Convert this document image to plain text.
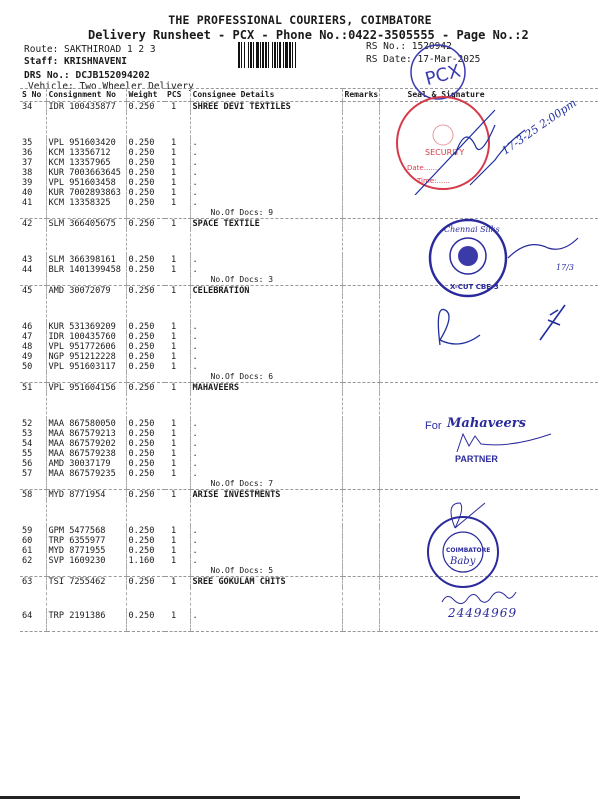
THE PROFESSIONAL COURIERS, COIMBATORE
Delivery Runsheet - PCX - Phone No.:0422-3505555 - Page No.:2
Route: SAKTHIROAD 1 2 3
Staff: KRISHNAVENI
DRS No.: DCJB152094202
Vehicle: Two Wheeler Delivery
RS No.: 1520942
RS Date: 17-Mar-2025
S No	Consignment No	Weight	PCS	Consignee Details	Remarks	Seal & Signature
34	IDR 100435877	0.250	1	SHREE DEVI TEXTILES		

35	VPL 951603420	0.250	1	.		
36	KCM 13356712	0.250	1	.		
37	KCM 13357965	0.250	1	.		
38	KUR 7003663645	0.250	1	.		
39	VPL 951603458	0.250	1	.		
40	KUR 7002893863	0.250	1	.		
41	KCM 13358325	0.250	1	.		
				No.Of Docs: 9		
42	SLM 366405675	0.250	1	SPACE TEXTILE		

43	SLM 366398161	0.250	1	.		
44	BLR 1401399458	0.250	1	.		
				No.Of Docs: 3		
45	AMD 30072079	0.250	1	CELEBRATION		

46	KUR 531369209	0.250	1	.		
47	IDR 100435760	0.250	1	.		
48	VPL 951772606	0.250	1	.		
49	NGP 951212228	0.250	1	.		
50	VPL 951603117	0.250	1	.		
				No.Of Docs: 6		
51	VPL 951604156	0.250	1	MAHAVEERS		

52	MAA 867580050	0.250	1	.		
53	MAA 867579213	0.250	1	.		
54	MAA 867579202	0.250	1	.		
55	MAA 867579238	0.250	1	.		
56	AMD 30037179	0.250	1	.		
57	MAA 867579235	0.250	1	.		
				No.Of Docs: 7		
58	MYD 8771954	0.250	1	ARISE INVESTMENTS		

59	GPM 5477568	0.250	1	.		
60	TRP 6355977	0.250	1	.		
61	MYD 8771955	0.250	1	.		
62	SVP 1609230	1.160	1	.		
				No.Of Docs: 5		
63	TSI 7255462	0.250	1	SREE GOKULAM CHITS		

64	TRP 2191386	0.250	1	.		

PCX
SECURITY
Date.......
Time:......
17-3-25 2:00pm
X-CUT CBE-3
Chennai Silks
17/3
For Mahaveers
PARTNER
COIMBATORE
Baby
24494969
